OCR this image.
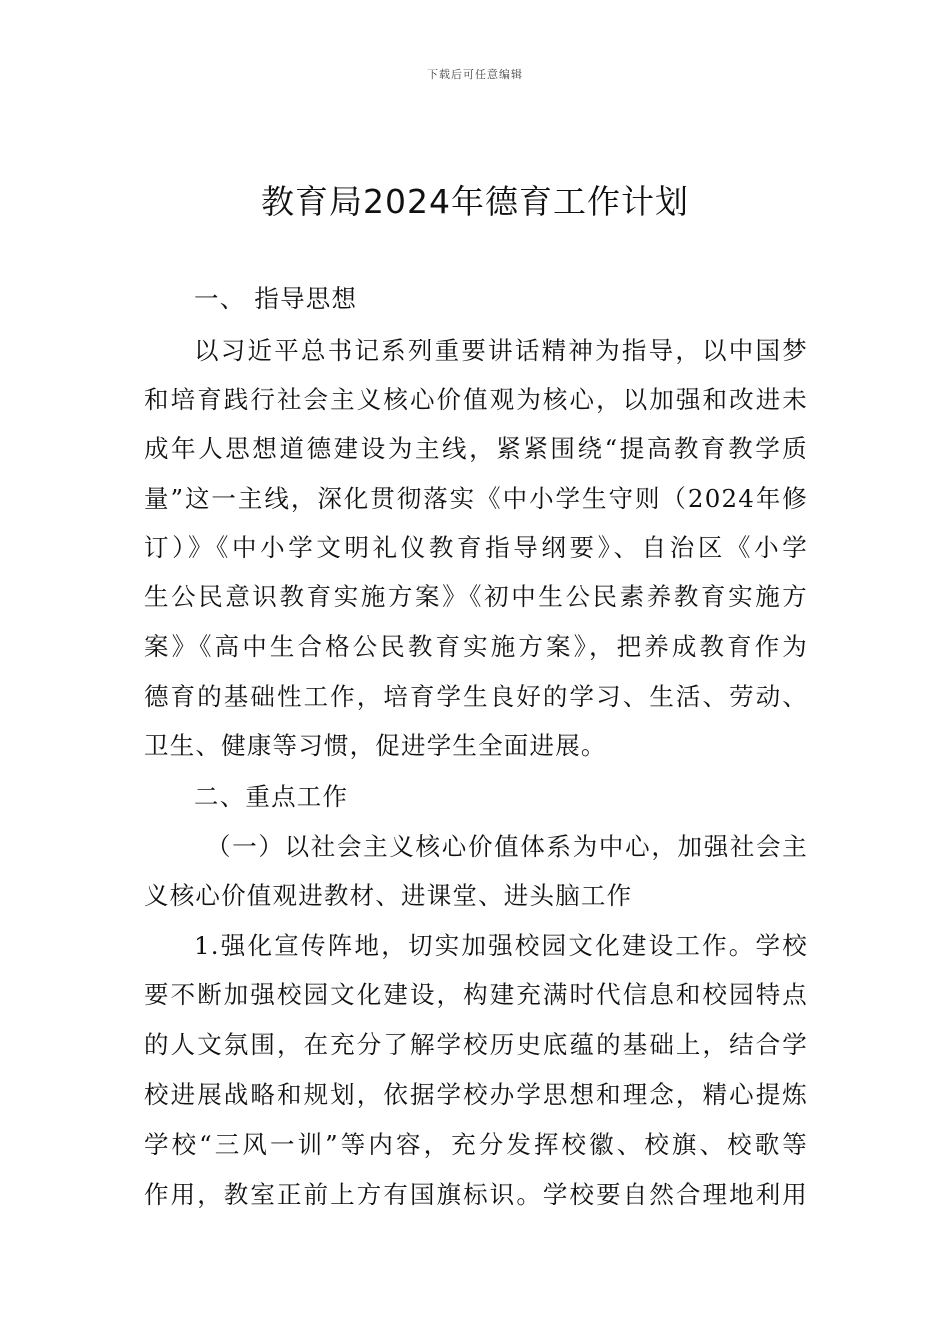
下载后可任意编辑
教育局2024年德育工作计划
一、 指导思想
以习近平总书记系列重要讲话精神为指导，以中国梦
和培育践行社会主义核心价值观为核心，以加强和改进未
成年人思想道德建设为主线，紧紧围绕“提高教育教学质
量”这一主线，深化贯彻落实《中小学生守则（2024年修
订）》《中小学文明礼仪教育指导纲要》、自治区《小学
生公民意识教育实施方案》《初中生公民素养教育实施方
案》《高中生合格公民教育实施方案》，把养成教育作为
德育的基础性工作，培育学生良好的学习、生活、劳动、
卫生、健康等习惯，促进学生全面进展。
二、重点工作
（一）以社会主义核心价值体系为中心，加强社会主
义核心价值观进教材、进课堂、进头脑工作
1.强化宣传阵地，切实加强校园文化建设工作。学校
要不断加强校园文化建设，构建充满时代信息和校园特点
的人文氛围，在充分了解学校历史底蕴的基础上，结合学
校进展战略和规划，依据学校办学思想和理念，精心提炼
学校“三风一训”等内容，充分发挥校徽、校旗、校歌等
作用，教室正前上方有国旗标识。学校要自然合理地利用
